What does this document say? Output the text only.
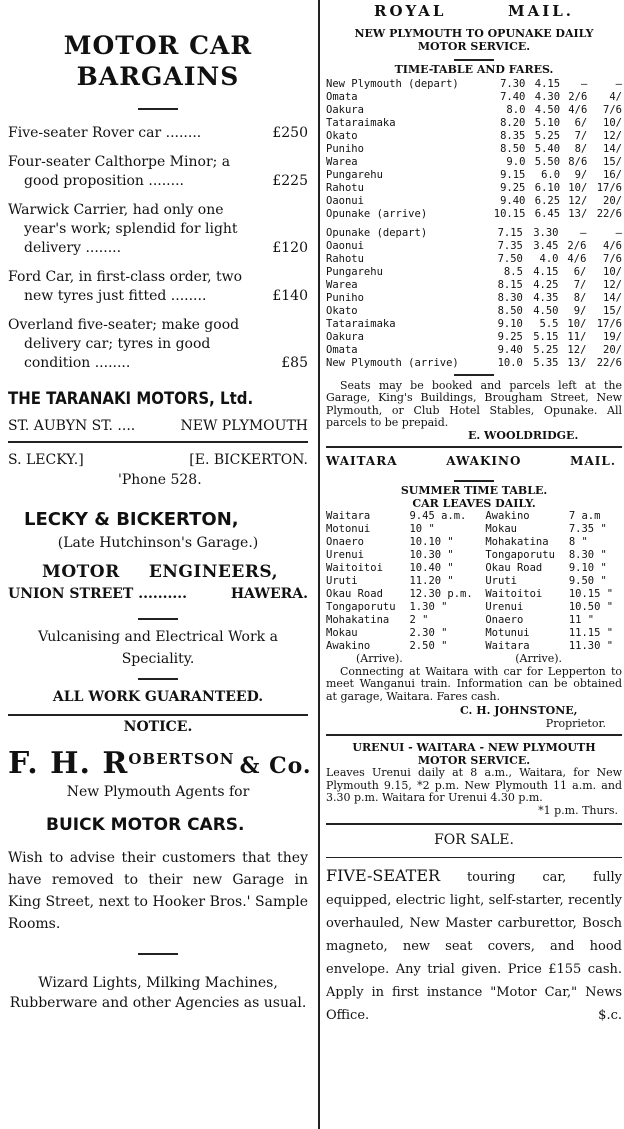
MOTOR CAR BARGAINS
Five-seater Rover car ........	£250
Four-seater Calthorpe Minor; a
good proposition ........	£225
Warwick Carrier, had only one
year's work; splendid for light delivery ........	£120
Ford Car, in first-class order, two
new tyres just fitted ........	£140
Overland five-seater; make good
delivery car; tyres in good condition ........	£85
THE TARANAKI MOTORS, Ltd.
ST. AUBYN ST. ....	NEW PLYMOUTH
S. LECKY.]	[E. BICKERTON.
'Phone 528.
LECKY & BICKERTON,
(Late Hutchinson's Garage.)
MOTOR ENGINEERS,
UNION STREET ..........	HAWERA.
Vulcanising and Electrical Work a Speciality.
ALL WORK GUARANTEED.
NOTICE.
F. H. ROBERTSON & Co.
New Plymouth Agents for
BUICK MOTOR CARS.
Wish to advise their customers that they have removed to their new Garage in King Street, next to Hooker Bros.' Sample Rooms.
Wizard Lights, Milking Machines, Rubberware and other Agencies as usual.
ROYAL	MAIL.
NEW PLYMOUTH TO OPUNAKE DAILY MOTOR SERVICE.
TIME-TABLE AND FARES.
New Plymouth (depart)	7.30	4.15	—	—
Omata	7.40	4.30	2/6	4/
Oakura	8.0	4.50	4/6	7/6
Tataraimaka	8.20	5.10	6/	10/
Okato	8.35	5.25	7/	12/
Puniho	8.50	5.40	8/	14/
Warea	9.0	5.50	8/6	15/
Pungarehu	9.15	6.0	9/	16/
Rahotu	9.25	6.10	10/	17/6
Oaonui	9.40	6.25	12/	20/
Opunake (arrive)	10.15	6.45	13/	22/6
Opunake (depart)	7.15	3.30	—	—
Oaonui	7.35	3.45	2/6	4/6
Rahotu	7.50	4.0	4/6	7/6
Pungarehu	8.5	4.15	6/	10/
Warea	8.15	4.25	7/	12/
Puniho	8.30	4.35	8/	14/
Okato	8.50	4.50	9/	15/
Tataraimaka	9.10	5.5	10/	17/6
Oakura	9.25	5.15	11/	19/
Omata	9.40	5.25	12/	20/
New Plymouth (arrive)	10.0	5.35	13/	22/6
Seats may be booked and parcels left at the Garage, King's Buildings, Brougham Street, New Plymouth, or Club Hotel Stables, Opunake. All parcels to be prepaid.
E. WOOLDRIDGE.
WAITARA	AWAKINO	MAIL.
SUMMER TIME TABLE.
CAR LEAVES DAILY.
Waitara	9.45 a.m.	Awakino	7 a.m
Motonui	10 "	Mokau	7.35 "
Onaero	10.10 "	Mohakatina	8 "
Urenui	10.30 "	Tongaporutu	8.30 "
Waitoitoi	10.40 "	Okau Road	9.10 "
Uruti	11.20 "	Uruti	9.50 "
Okau Road	12.30 p.m.	Waitoitoi	10.15 "
Tongaporutu	1.30 "	Urenui	10.50 "
Mohakatina	2 "	Onaero	11 "
Mokau	2.30 "	Motunui	11.15 "
Awakino	2.50 "	Waitara	11.30 "
(Arrive).	(Arrive).
Connecting at Waitara with car for Lepperton to meet Wanganui train. Information can be obtained at garage, Waitara. Fares cash.
C. H. JOHNSTONE,
Proprietor.
URENUI - WAITARA - NEW PLYMOUTH MOTOR SERVICE.
Leaves Urenui daily at 8 a.m., Waitara, for New Plymouth 9.15, *2 p.m. New Plymouth 11 a.m. and 3.30 p.m. Waitara for Urenui 4.30 p.m.
*1 p.m. Thurs.
FOR SALE.
FIVE-SEATER touring car, fully equipped, electric light, self-starter, recently overhauled, New Master carburettor, Bosch magneto, new seat covers, and hood envelope. Any trial given. Price £155 cash. Apply in first instance "Motor Car," News Office.	$.c.
